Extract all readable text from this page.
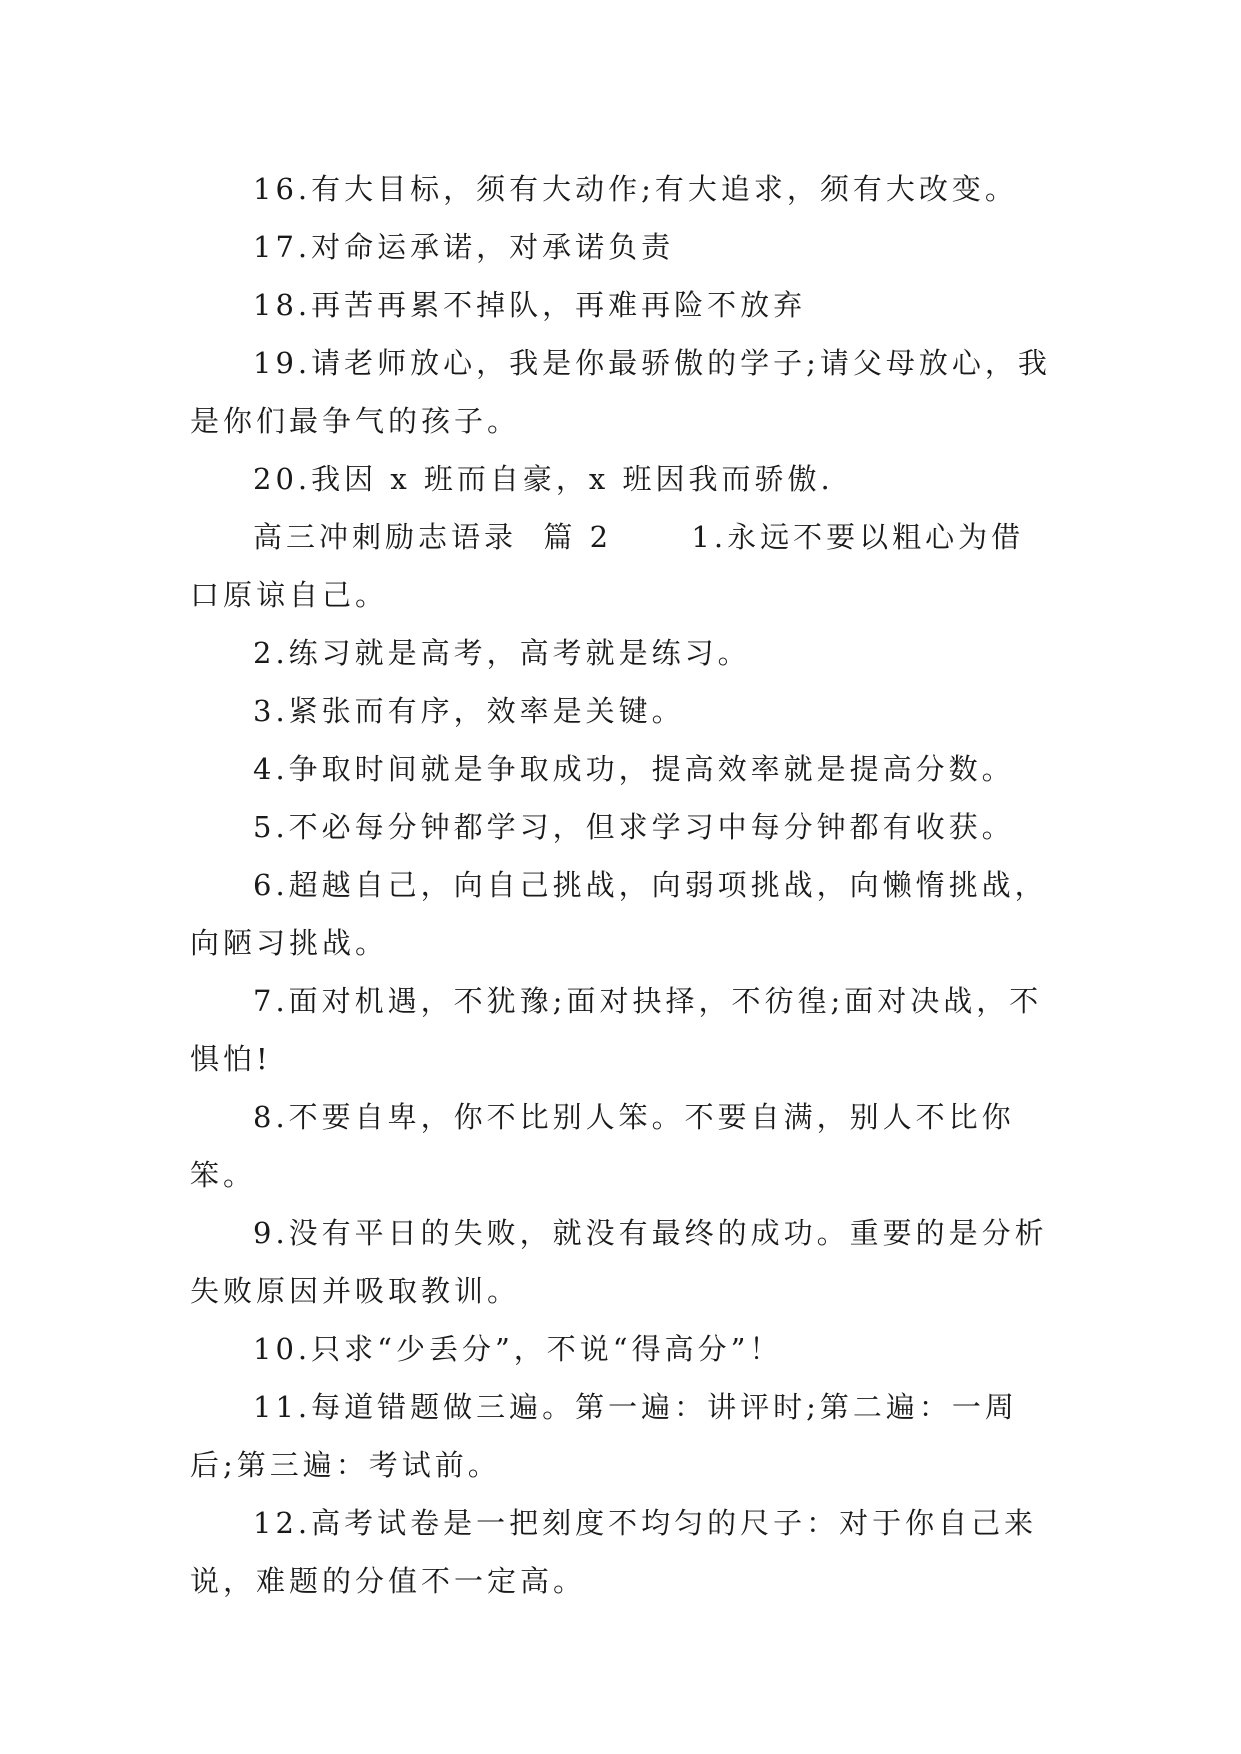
16.有大目标，须有大动作;有大追求，须有大改变。

17.对命运承诺，对承诺负责

18.再苦再累不掉队，再难再险不放弃

19.请老师放心，我是你最骄傲的学子;请父母放心，我是你们最争气的孩子。

20.我因 x 班而自豪，x 班因我而骄傲.

高三冲刺励志语录  篇 2      1.永远不要以粗心为借口原谅自己。

2.练习就是高考，高考就是练习。

3.紧张而有序，效率是关键。

4.争取时间就是争取成功，提高效率就是提高分数。

5.不必每分钟都学习，但求学习中每分钟都有收获。

6.超越自己，向自己挑战，向弱项挑战，向懒惰挑战，向陋习挑战。

7.面对机遇，不犹豫;面对抉择，不彷徨;面对决战，不惧怕!

8.不要自卑，你不比别人笨。不要自满，别人不比你笨。

9.没有平日的失败，就没有最终的成功。重要的是分析失败原因并吸取教训。

10.只求“少丢分”，不说“得高分”！

11.每道错题做三遍。第一遍：讲评时;第二遍：一周后;第三遍：考试前。

12.高考试卷是一把刻度不均匀的尺子：对于你自己来说，难题的分值不一定高。
